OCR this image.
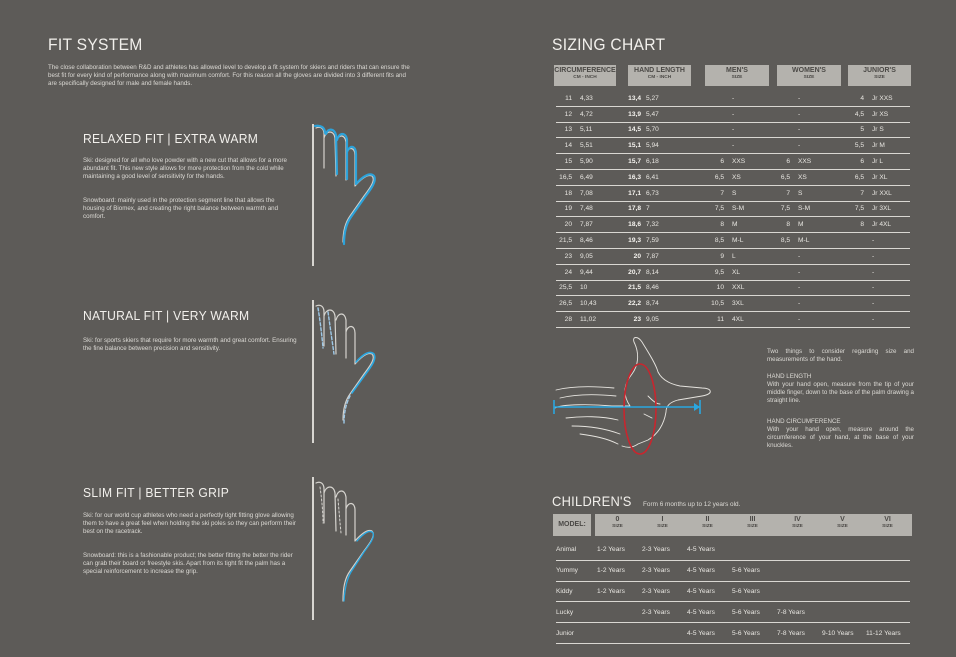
FIT SYSTEM
The close collaboration between R&D and athletes has allowed level to develop a fit system for skiers and riders that can ensure the best fit for every kind of performance along with maximum comfort. For this reason all the gloves are divided into 3 different fits and are specifically designed for male and female hands.
RELAXED FIT | EXTRA WARM
Ski: designed for all who love powder with a new cut that allows for a more abundant fit. This new style allows for more protection from the cold while maintaining a good level of sensitivity for the hands.
Snowboard: mainly used in the protection segment line that allows the housing of Biomex, and creating the right balance between warmth and comfort.
NATURAL FIT | VERY WARM
Ski: for sports skiers that require for more warmth and great comfort. Ensuring the fine balance between precision and sensitivity.
SLIM FIT | BETTER GRIP
Ski: for our world cup athletes who need a perfectly tight fitting glove allowing them to have a great feel when holding the ski poles so they can perform their best on the racetrack.
Snowboard: this is a fashionable product; the better fitting the better the rider can grab their board or freestyle skis. Apart from its tight fit the palm has a special reinforcement to increase the grip.
SIZING CHART
CIRCUMFERENCE
CM - INCH
HAND LENGTH
CM - INCH
MEN'S
SIZE
WOMEN'S
SIZE
JUNIOR'S
SIZE
11	4,33	13,4	5,27		-		-	4	Jr XXS
12	4,72	13,9	5,47		-		-	4,5	Jr XS
13	5,11	14,5	5,70		-		-	5	Jr S
14	5,51	15,1	5,94		-		-	5,5	Jr M
15	5,90	15,7	6,18	6	XXS	6	XXS	6	Jr L
16,5	6,49	16,3	6,41	6,5	XS	6,5	XS	6,5	Jr XL
18	7,08	17,1	6,73	7	S	7	S	7	Jr XXL
19	7,48	17,8	7	7,5	S-M	7,5	S-M	7,5	Jr 3XL
20	7,87	18,6	7,32	8	M	8	M	8	Jr 4XL
21,5	8,46	19,3	7,59	8,5	M-L	8,5	M-L		-
23	9,05	20	7,87	9	L		-		-
24	9,44	20,7	8,14	9,5	XL		-		-
25,5	10	21,5	8,46	10	XXL		-		-
26,5	10,43	22,2	8,74	10,5	3XL		-		-
28	11,02	23	9,05	11	4XL		-		-
Two things to consider regarding size and measurements of the hand.
HAND LENGTH
With your hand open, measure from the tip of your middle finger, down to the base of the palm drawing a straight line.
HAND CIRCUMFERENCE
With your hand open, measure around the circumference of your hand, at the base of your knuckles.
CHILDREN'S Form 6 months up to 12 years old.
MODEL:
0
SIZE
I
SIZE
II
SIZE
III
SIZE
IV
SIZE
V
SIZE
VI
SIZE
Animal	1-2 Years	2-3 Years	4-5 Years				
Yummy	1-2 Years	2-3 Years	4-5 Years	5-6 Years			
Kiddy	1-2 Years	2-3 Years	4-5 Years	5-6 Years			
Lucky		2-3 Years	4-5 Years	5-6 Years	7-8 Years		
Junior			4-5 Years	5-6 Years	7-8 Years	9-10 Years	11-12 Years
